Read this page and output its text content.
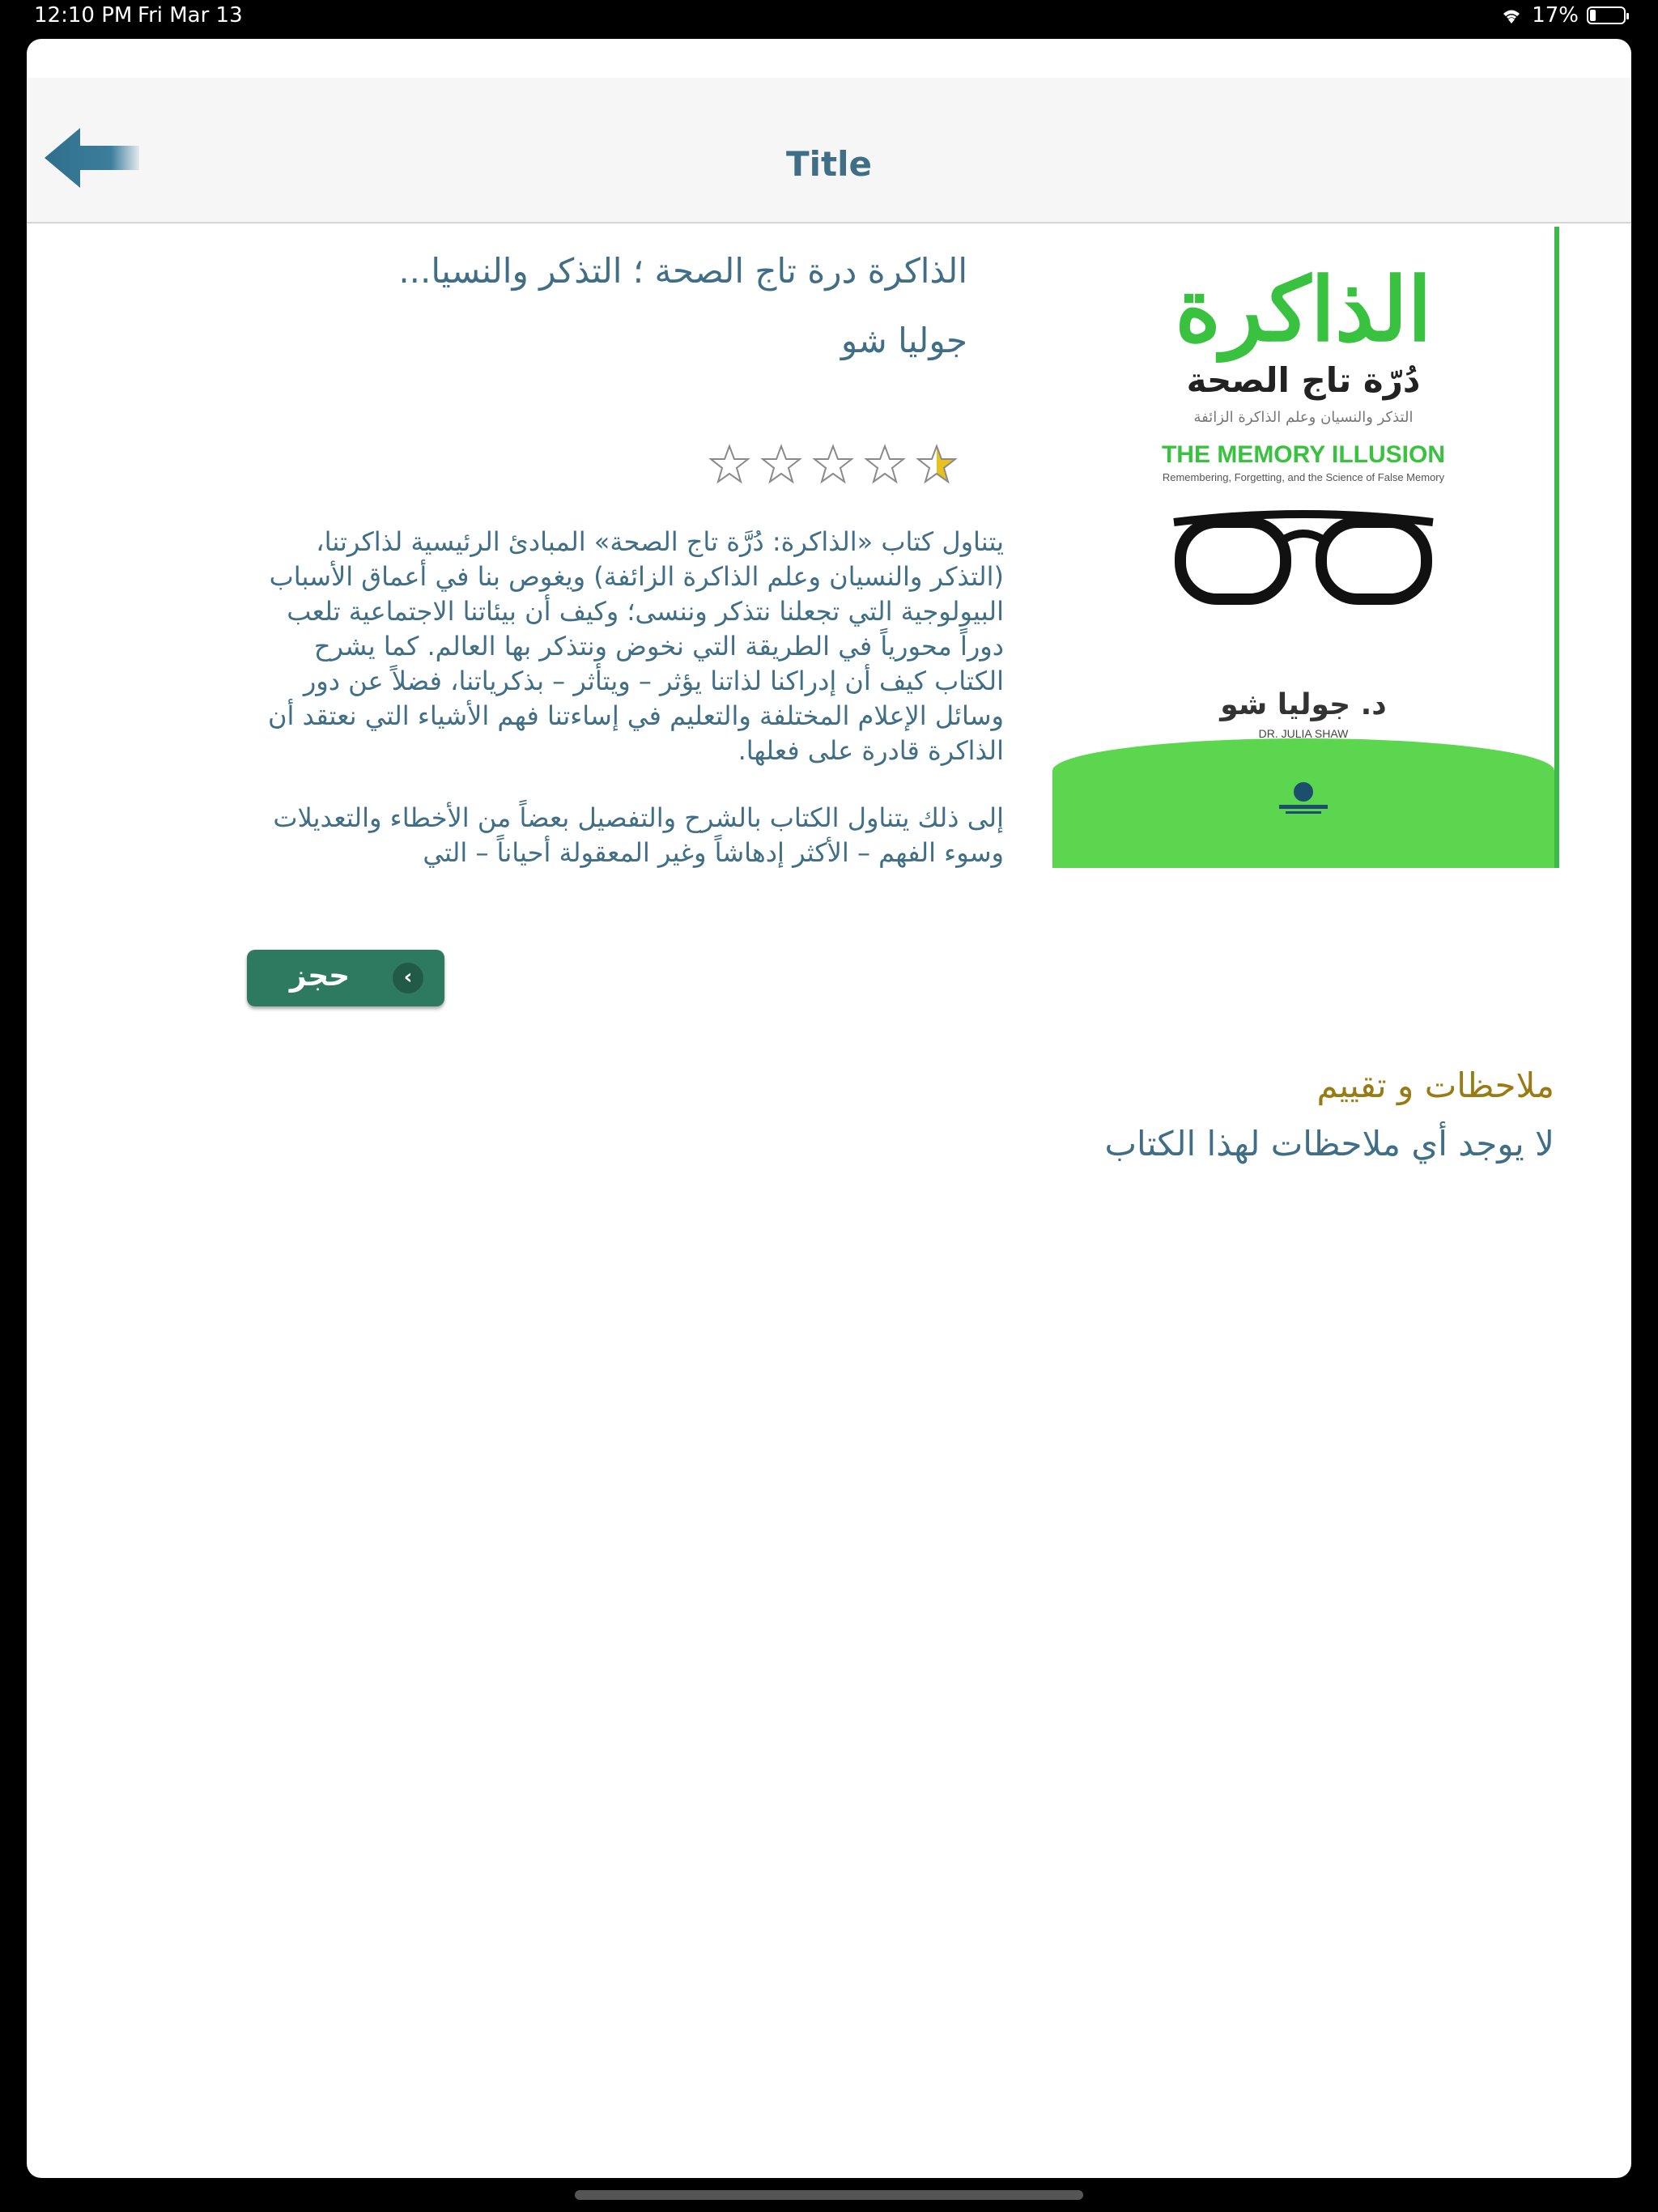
12:10 PM Fri Mar 13	17%
Title
الذاكرة
دُرّة تاج الصحة
التذكر والنسيان وعلم الذاكرة الزائفة
THE MEMORY ILLUSION
Remembering, Forgetting, and the Science of False Memory
د. جوليا شو
DR. JULIA SHAW
الذاكرة درة تاج الصحة ؛ التذكر والنسيا...
جوليا شو

يتناول كتاب «الذاكرة: دُرَّة تاج الصحة» المبادئ الرئيسية لذاكرتنا، (التذكر والنسيان وعلم الذاكرة الزائفة) ويغوص بنا في أعماق الأسباب البيولوجية التي تجعلنا نتذكر وننسى؛ وكيف أن بيئاتنا الاجتماعية تلعب دوراً محورياً في الطريقة التي نخوض ونتذكر بها العالم. كما يشرح الكتاب كيف أن إدراكنا لذاتنا يؤثر – ويتأثر – بذكرياتنا، فضلاً عن دور وسائل الإعلام المختلفة والتعليم في إساءتنا فهم الأشياء التي نعتقد أن الذاكرة قادرة على فعلها.

إلى ذلك يتناول الكتاب بالشرح والتفصيل بعضاً من الأخطاء والتعديلات وسوء الفهم – الأكثر إدهاشاً وغير المعقولة أحياناً – التي

حجز	‹
ملاحظات و تقييم
لا يوجد أي ملاحظات لهذا الكتاب
